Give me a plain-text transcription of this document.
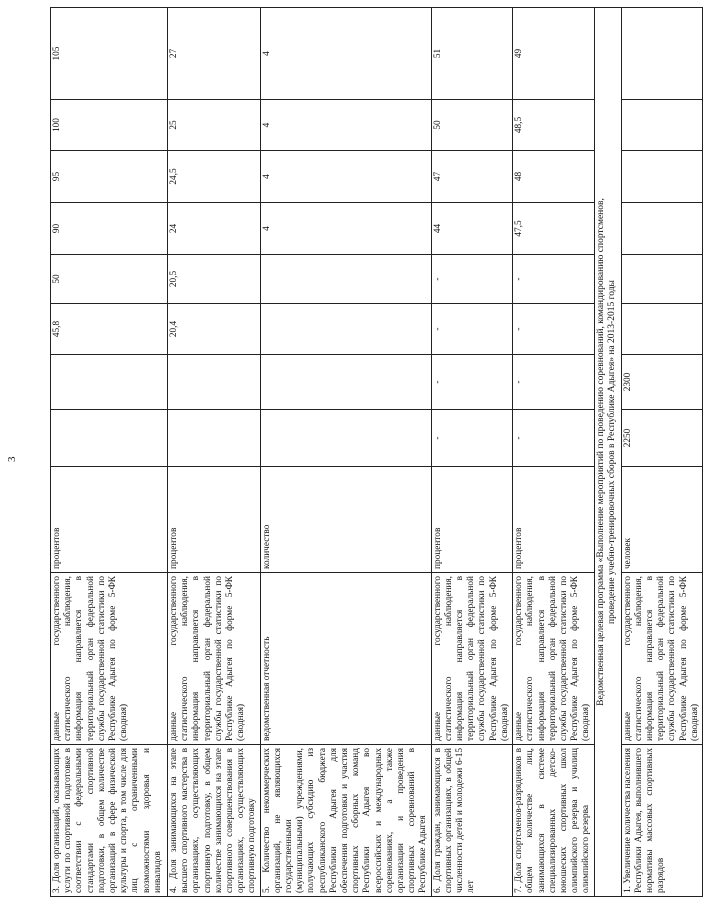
3
3. Доля организаций, оказывающих услуги по спортивной подготовке в соответствии с федеральными стандартами спортивной подготовки, в общем количестве организаций в сфере физической культуры и спорта, в том числе для лиц с ограниченными возможностями здоровья и инвалидов	данные государственного статистического наблюдения, информация направляется в территориальный орган федеральной службы государственной статистики по Республике Адыгея по форме 5-ФК (сводная)	процентов			45,8	50	90	95	100	105
4. Доля занимающихся на этапе высшего спортивного мастерства в организациях, осуществляющих спортивную подготовку, в общем количестве занимающихся на этапе спортивного совершенствования в организациях, осуществляющих спортивную подготовку	данные государственного статистического наблюдения, информация направляется в территориальный орган федеральной службы государственной статистики по Республике Адыгея по форме 5-ФК (сводная)	процентов			20,4	20,5	24	24,5	25	27
5. Количество некоммерческих организаций, не являющихся государственными (муниципальными) учреждениями, получающих субсидию из республиканского бюджета Республики Адыгея для обеспечения подготовки и участия спортивных сборных команд Республики Адыгея во всероссийских и международных соревнованиях, а также организации и проведения спортивных соревнований в Республике Адыгея	ведомственная отчетность	количество					4	4	4	4
6. Доля граждан, занимающихся в спортивных организациях, в общей численности детей и молодежи 6-15 лет	данные государственного статистического наблюдения, информация направляется в территориальный орган федеральной службы государственной статистики по Республике Адыгея по форме 5-ФК (сводная)	процентов	-	-	-	-	44	47	50	51
7. Доля спортсменов-разрядников в общем количестве лиц, занимающихся в системе специализированных детско-юношеских спортивных школ олимпийского резерва и училищ олимпийского резерва	данные государственного статистического наблюдения, информация направляется в территориальный орган федеральной службы государственной статистики по Республике Адыгея по форме 5-ФК (сводная)	процентов	-	-	-	-	47,5	48	48,5	49

Ведомственная целевая программа «Выполнение мероприятий по проведению соревнований, командированию спортсменов, проведение учебно-тренировочных сборов в Республике Адыгея» на 2013-2015 годы										

1. Увеличение количества населения Республики Адыгея, выполнившего нормативы массовых спортивных разрядов	данные государственного статистического наблюдения, информация направляется в территориальный орган федеральной службы государственной статистики по Республике Адыгея по форме 5-ФК (сводная)	человек	2250	2300						
